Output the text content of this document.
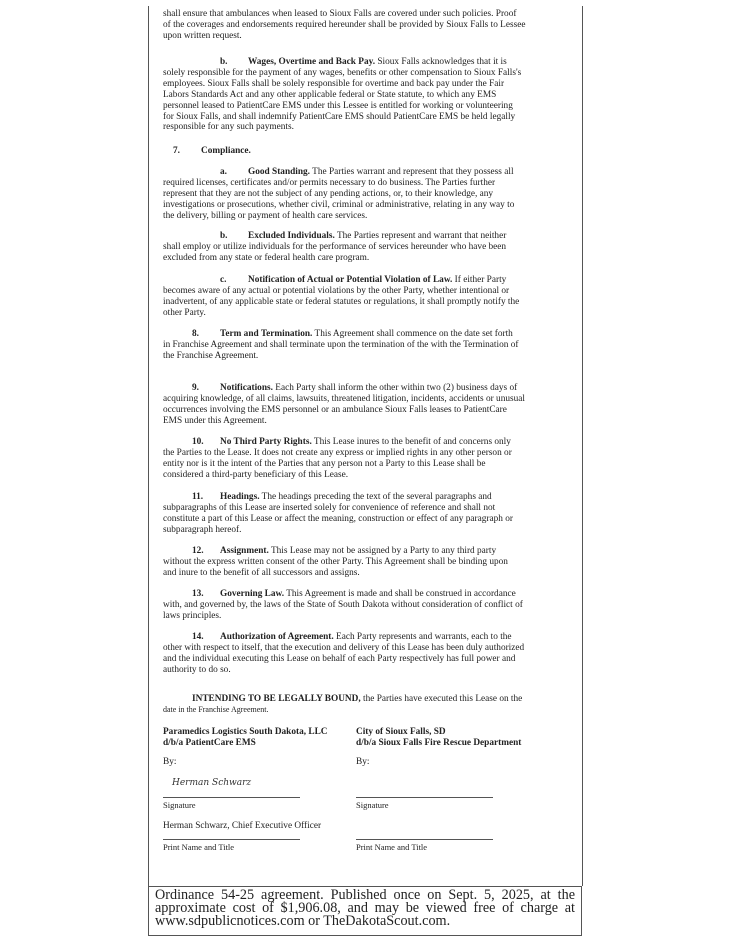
shall ensure that ambulances when leased to Sioux Falls are covered under such policies. Proof
of the coverages and endorsements required hereunder shall be provided by Sioux Falls to Lessee
upon written request.
b. Wages, Overtime and Back Pay. Sioux Falls acknowledges that it is
solely responsible for the payment of any wages, benefits or other compensation to Sioux Falls's
employees. Sioux Falls shall be solely responsible for overtime and back pay under the Fair
Labors Standards Act and any other applicable federal or State statute, to which any EMS
personnel leased to PatientCare EMS under this Lessee is entitled for working or volunteering
for Sioux Falls, and shall indemnify PatientCare EMS should PatientCare EMS be held legally
responsible for any such payments.
7. Compliance.
a. Good Standing. The Parties warrant and represent that they possess all
required licenses, certificates and/or permits necessary to do business. The Parties further
represent that they are not the subject of any pending actions, or, to their knowledge, any
investigations or prosecutions, whether civil, criminal or administrative, relating in any way to
the delivery, billing or payment of health care services.
b. Excluded Individuals. The Parties represent and warrant that neither
shall employ or utilize individuals for the performance of services hereunder who have been
excluded from any state or federal health care program.
c. Notification of Actual or Potential Violation of Law. If either Party
becomes aware of any actual or potential violations by the other Party, whether intentional or
inadvertent, of any applicable state or federal statutes or regulations, it shall promptly notify the
other Party.
8. Term and Termination. This Agreement shall commence on the date set forth
in Franchise Agreement and shall terminate upon the termination of the with the Termination of
the Franchise Agreement.
9. Notifications. Each Party shall inform the other within two (2) business days of
acquiring knowledge, of all claims, lawsuits, threatened litigation, incidents, accidents or unusual
occurrences involving the EMS personnel or an ambulance Sioux Falls leases to PatientCare
EMS under this Agreement.
10. No Third Party Rights. This Lease inures to the benefit of and concerns only
the Parties to the Lease. It does not create any express or implied rights in any other person or
entity nor is it the intent of the Parties that any person not a Party to this Lease shall be
considered a third-party beneficiary of this Lease.
11. Headings. The headings preceding the text of the several paragraphs and
subparagraphs of this Lease are inserted solely for convenience of reference and shall not
constitute a part of this Lease or affect the meaning, construction or effect of any paragraph or
subparagraph hereof.
12. Assignment. This Lease may not be assigned by a Party to any third party
without the express written consent of the other Party. This Agreement shall be binding upon
and inure to the benefit of all successors and assigns.
13. Governing Law. This Agreement is made and shall be construed in accordance
with, and governed by, the laws of the State of South Dakota without consideration of conflict of
laws principles.
14. Authorization of Agreement. Each Party represents and warrants, each to the
other with respect to itself, that the execution and delivery of this Lease has been duly authorized
and the individual executing this Lease on behalf of each Party respectively has full power and
authority to do so.
INTENDING TO BE LEGALLY BOUND, the Parties have executed this Lease on the
date in the Franchise Agreement.
Paramedics Logistics South Dakota, LLC
d/b/a PatientCare EMS
City of Sioux Falls, SD
d/b/a Sioux Falls Fire Rescue Department
By:	By:
Herman Schwarz
Signature	Signature
Herman Schwarz, Chief Executive Officer
Print Name and Title	Print Name and Title
Ordinance 54-25 agreement. Published once on Sept. 5, 2025, at the approximate cost of $1,906.08, and may be viewed free of charge at www.sdpublicnotices.com or TheDakotaScout.com.
